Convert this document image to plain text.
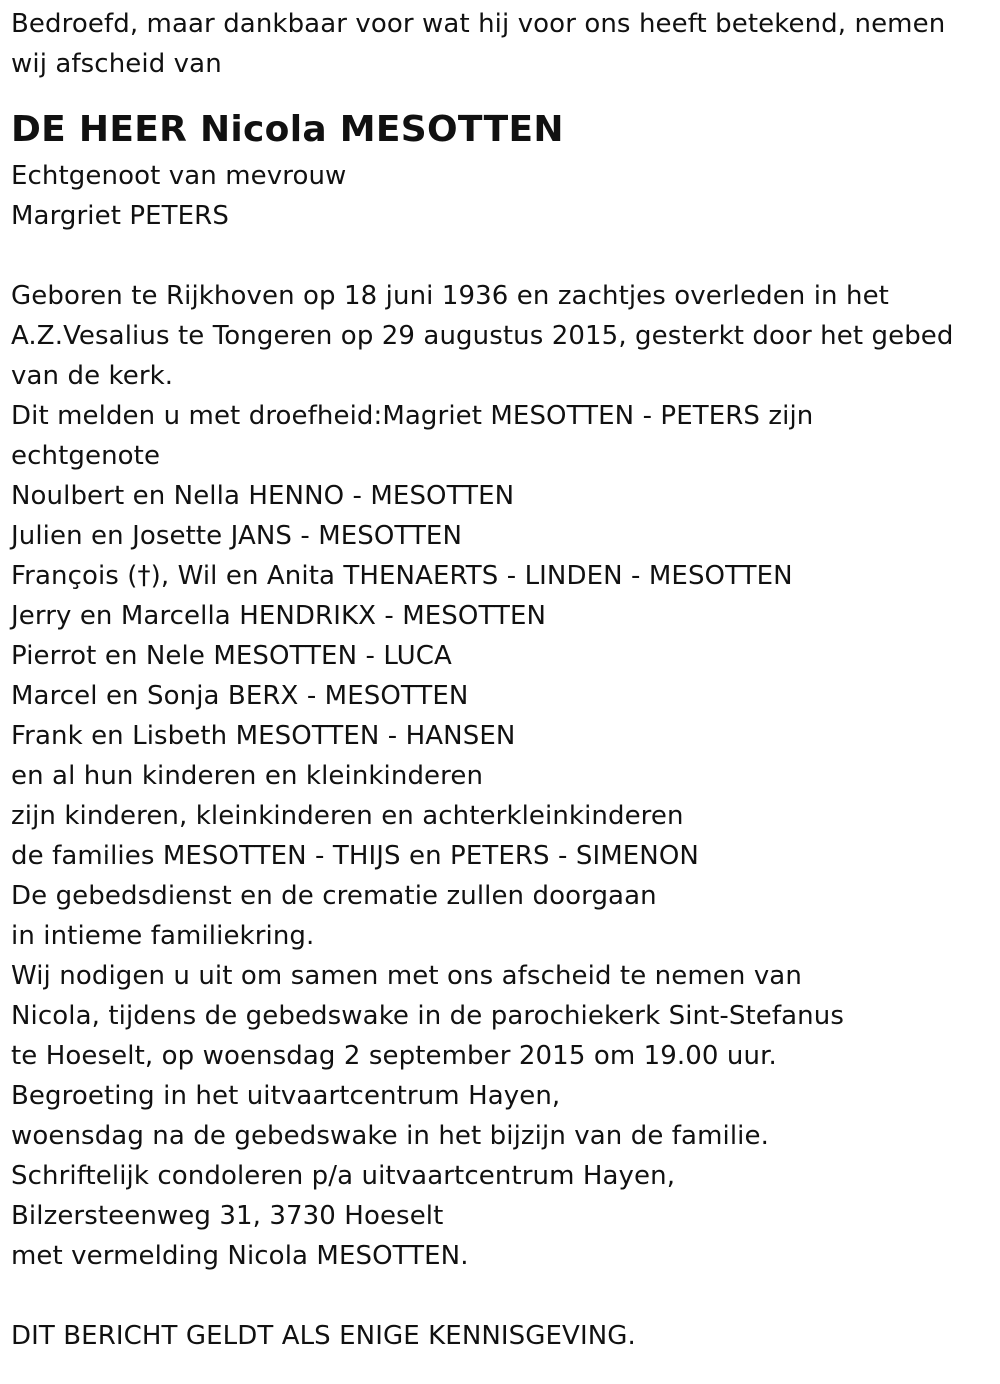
Bedroefd, maar dankbaar voor wat hij voor ons heeft betekend, nemen
wij afscheid van
DE HEER Nicola MESOTTEN
Echtgenoot van mevrouw
Margriet PETERS
Geboren te Rijkhoven op 18 juni 1936 en zachtjes overleden in het
A.Z.Vesalius te Tongeren op 29 augustus 2015, gesterkt door het gebed
van de kerk.
Dit melden u met droefheid:Magriet MESOTTEN - PETERS zijn
echtgenote
Noulbert en Nella HENNO - MESOTTEN
Julien en Josette JANS - MESOTTEN
François (†), Wil en Anita THENAERTS - LINDEN - MESOTTEN
Jerry en Marcella HENDRIKX - MESOTTEN
Pierrot en Nele MESOTTEN - LUCA
Marcel en Sonja BERX - MESOTTEN
Frank en Lisbeth MESOTTEN - HANSEN
en al hun kinderen en kleinkinderen
zijn kinderen, kleinkinderen en achterkleinkinderen
de families MESOTTEN - THIJS en PETERS - SIMENON
De gebedsdienst en de crematie zullen doorgaan
in intieme familiekring.
Wij nodigen u uit om samen met ons afscheid te nemen van
Nicola, tijdens de gebedswake in de parochiekerk Sint-Stefanus
te Hoeselt, op woensdag 2 september 2015 om 19.00 uur.
Begroeting in het uitvaartcentrum Hayen,
woensdag na de gebedswake in het bijzijn van de familie.
Schriftelijk condoleren p/a uitvaartcentrum Hayen,
Bilzersteenweg 31, 3730 Hoeselt
met vermelding Nicola MESOTTEN.
DIT BERICHT GELDT ALS ENIGE KENNISGEVING.
